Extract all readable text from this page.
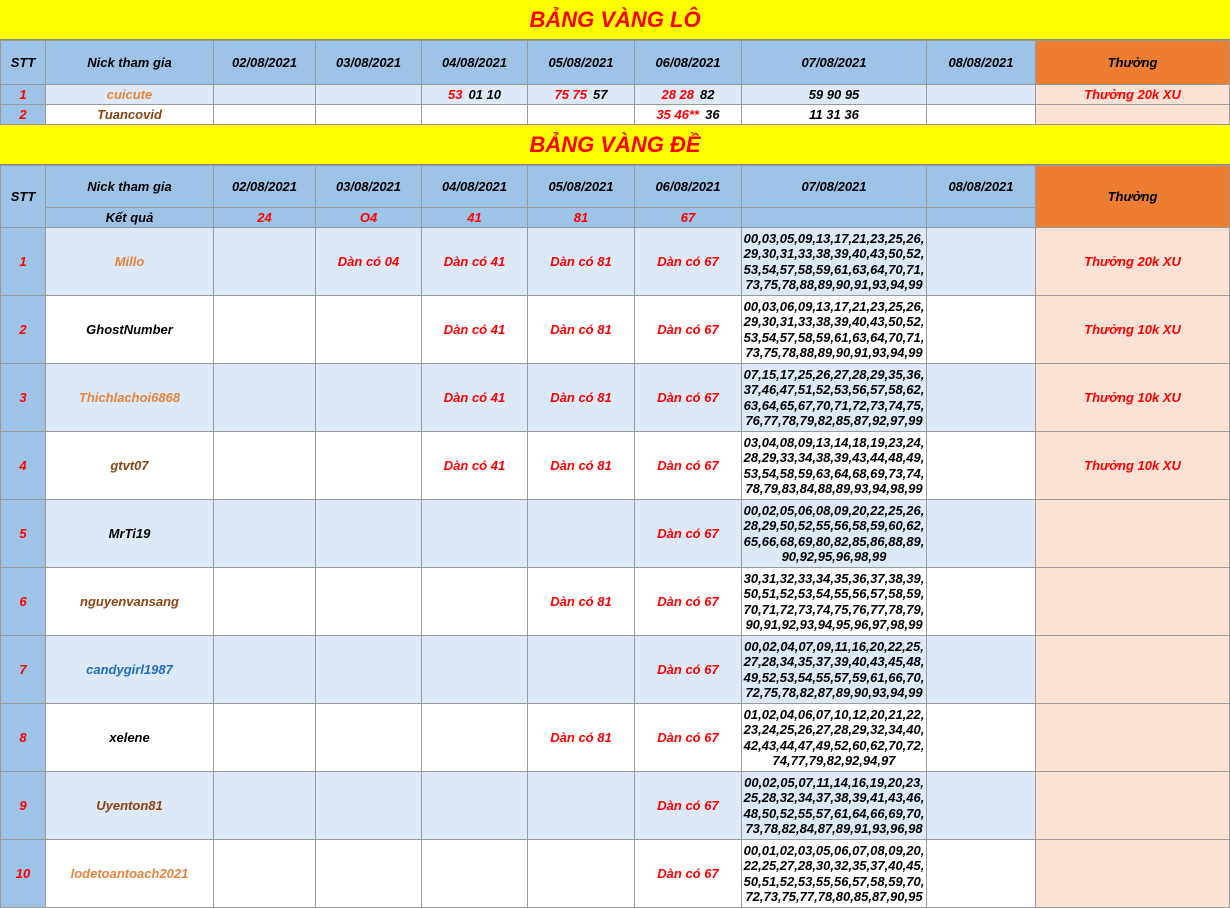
BẢNG VÀNG LÔ
STT	Nick tham gia	02/08/2021	03/08/2021	04/08/2021	05/08/2021	06/08/2021	07/08/2021	08/08/2021	Thưởng
1	cuicute			53 01 10	75 75 57	28 28 82	59 90 95		Thưởng 20k XU
2	Tuancovid					35 46** 36	11 31 36		
BẢNG VÀNG ĐỀ
STT	Nick tham gia	02/08/2021	03/08/2021	04/08/2021	05/08/2021	06/08/2021	07/08/2021	08/08/2021	Thưởng
	Kết quả	24	O4	41	81	67			
1	Millo		Dàn có 04	Dàn có 41	Dàn có 81	Dàn có 67	00,03,05,09,13,17,21,23,25,26,29,30,31,33,38,39,40,43,50,52,53,54,57,58,59,61,63,64,70,71,73,75,78,88,89,90,91,93,94,99		Thưởng 20k XU
2	GhostNumber			Dàn có 41	Dàn có 81	Dàn có 67	00,03,06,09,13,17,21,23,25,26,29,30,31,33,38,39,40,43,50,52,53,54,57,58,59,61,63,64,70,71,73,75,78,88,89,90,91,93,94,99		Thưởng 10k XU
3	Thichlachoi6868			Dàn có 41	Dàn có 81	Dàn có 67	07,15,17,25,26,27,28,29,35,36,37,46,47,51,52,53,56,57,58,62,63,64,65,67,70,71,72,73,74,75,76,77,78,79,82,85,87,92,97,99		Thưởng 10k XU
4	gtvt07			Dàn có 41	Dàn có 81	Dàn có 67	03,04,08,09,13,14,18,19,23,24,28,29,33,34,38,39,43,44,48,49,53,54,58,59,63,64,68,69,73,74,78,79,83,84,88,89,93,94,98,99		Thưởng 10k XU
5	MrTi19					Dàn có 67	00,02,05,06,08,09,20,22,25,26,28,29,50,52,55,56,58,59,60,62,65,66,68,69,80,82,85,86,88,89,90,92,95,96,98,99		
6	nguyenvansang				Dàn có 81	Dàn có 67	30,31,32,33,34,35,36,37,38,39,50,51,52,53,54,55,56,57,58,59,70,71,72,73,74,75,76,77,78,79,90,91,92,93,94,95,96,97,98,99		
7	candygirl1987					Dàn có 67	00,02,04,07,09,11,16,20,22,25,27,28,34,35,37,39,40,43,45,48,49,52,53,54,55,57,59,61,66,70,72,75,78,82,87,89,90,93,94,99		
8	xelene				Dàn có 81	Dàn có 67	01,02,04,06,07,10,12,20,21,22,23,24,25,26,27,28,29,32,34,40,42,43,44,47,49,52,60,62,70,72,74,77,79,82,92,94,97		
9	Uyenton81					Dàn có 67	00,02,05,07,11,14,16,19,20,23,25,28,32,34,37,38,39,41,43,46,48,50,52,55,57,61,64,66,69,70,73,78,82,84,87,89,91,93,96,98		
10	lodetoantoach2021					Dàn có 67	00,01,02,03,05,06,07,08,09,20,22,25,27,28,30,32,35,37,40,45,50,51,52,53,55,56,57,58,59,70,72,73,75,77,78,80,85,87,90,95		
